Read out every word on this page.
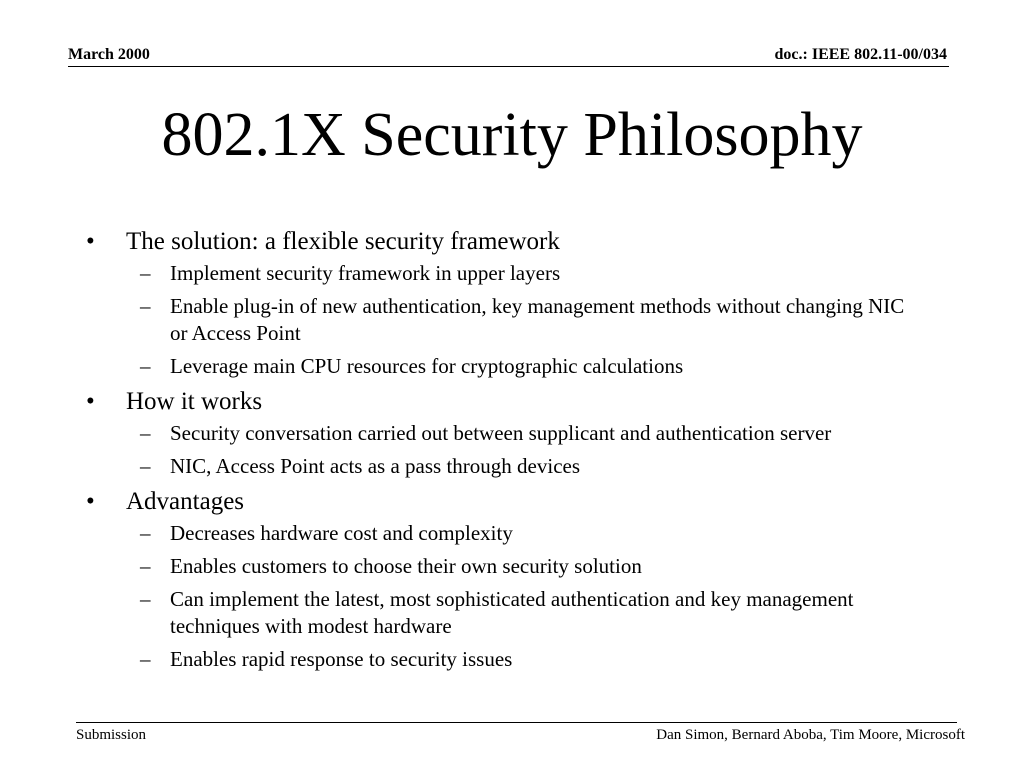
March 2000	doc.: IEEE 802.11-00/034
802.1X Security Philosophy
• The solution: a flexible security framework
– Implement security framework in upper layers
– Enable plug-in of new authentication, key management methods without changing NIC or Access Point
– Leverage main CPU resources for cryptographic calculations
• How it works
– Security conversation carried out between supplicant and authentication server
– NIC, Access Point acts as a pass through devices
• Advantages
– Decreases hardware cost and complexity
– Enables customers to choose their own security solution
– Can implement the latest, most sophisticated authentication and key management techniques with modest hardware
– Enables rapid response to security issues
Submission	Dan Simon, Bernard Aboba, Tim Moore, Microsoft
